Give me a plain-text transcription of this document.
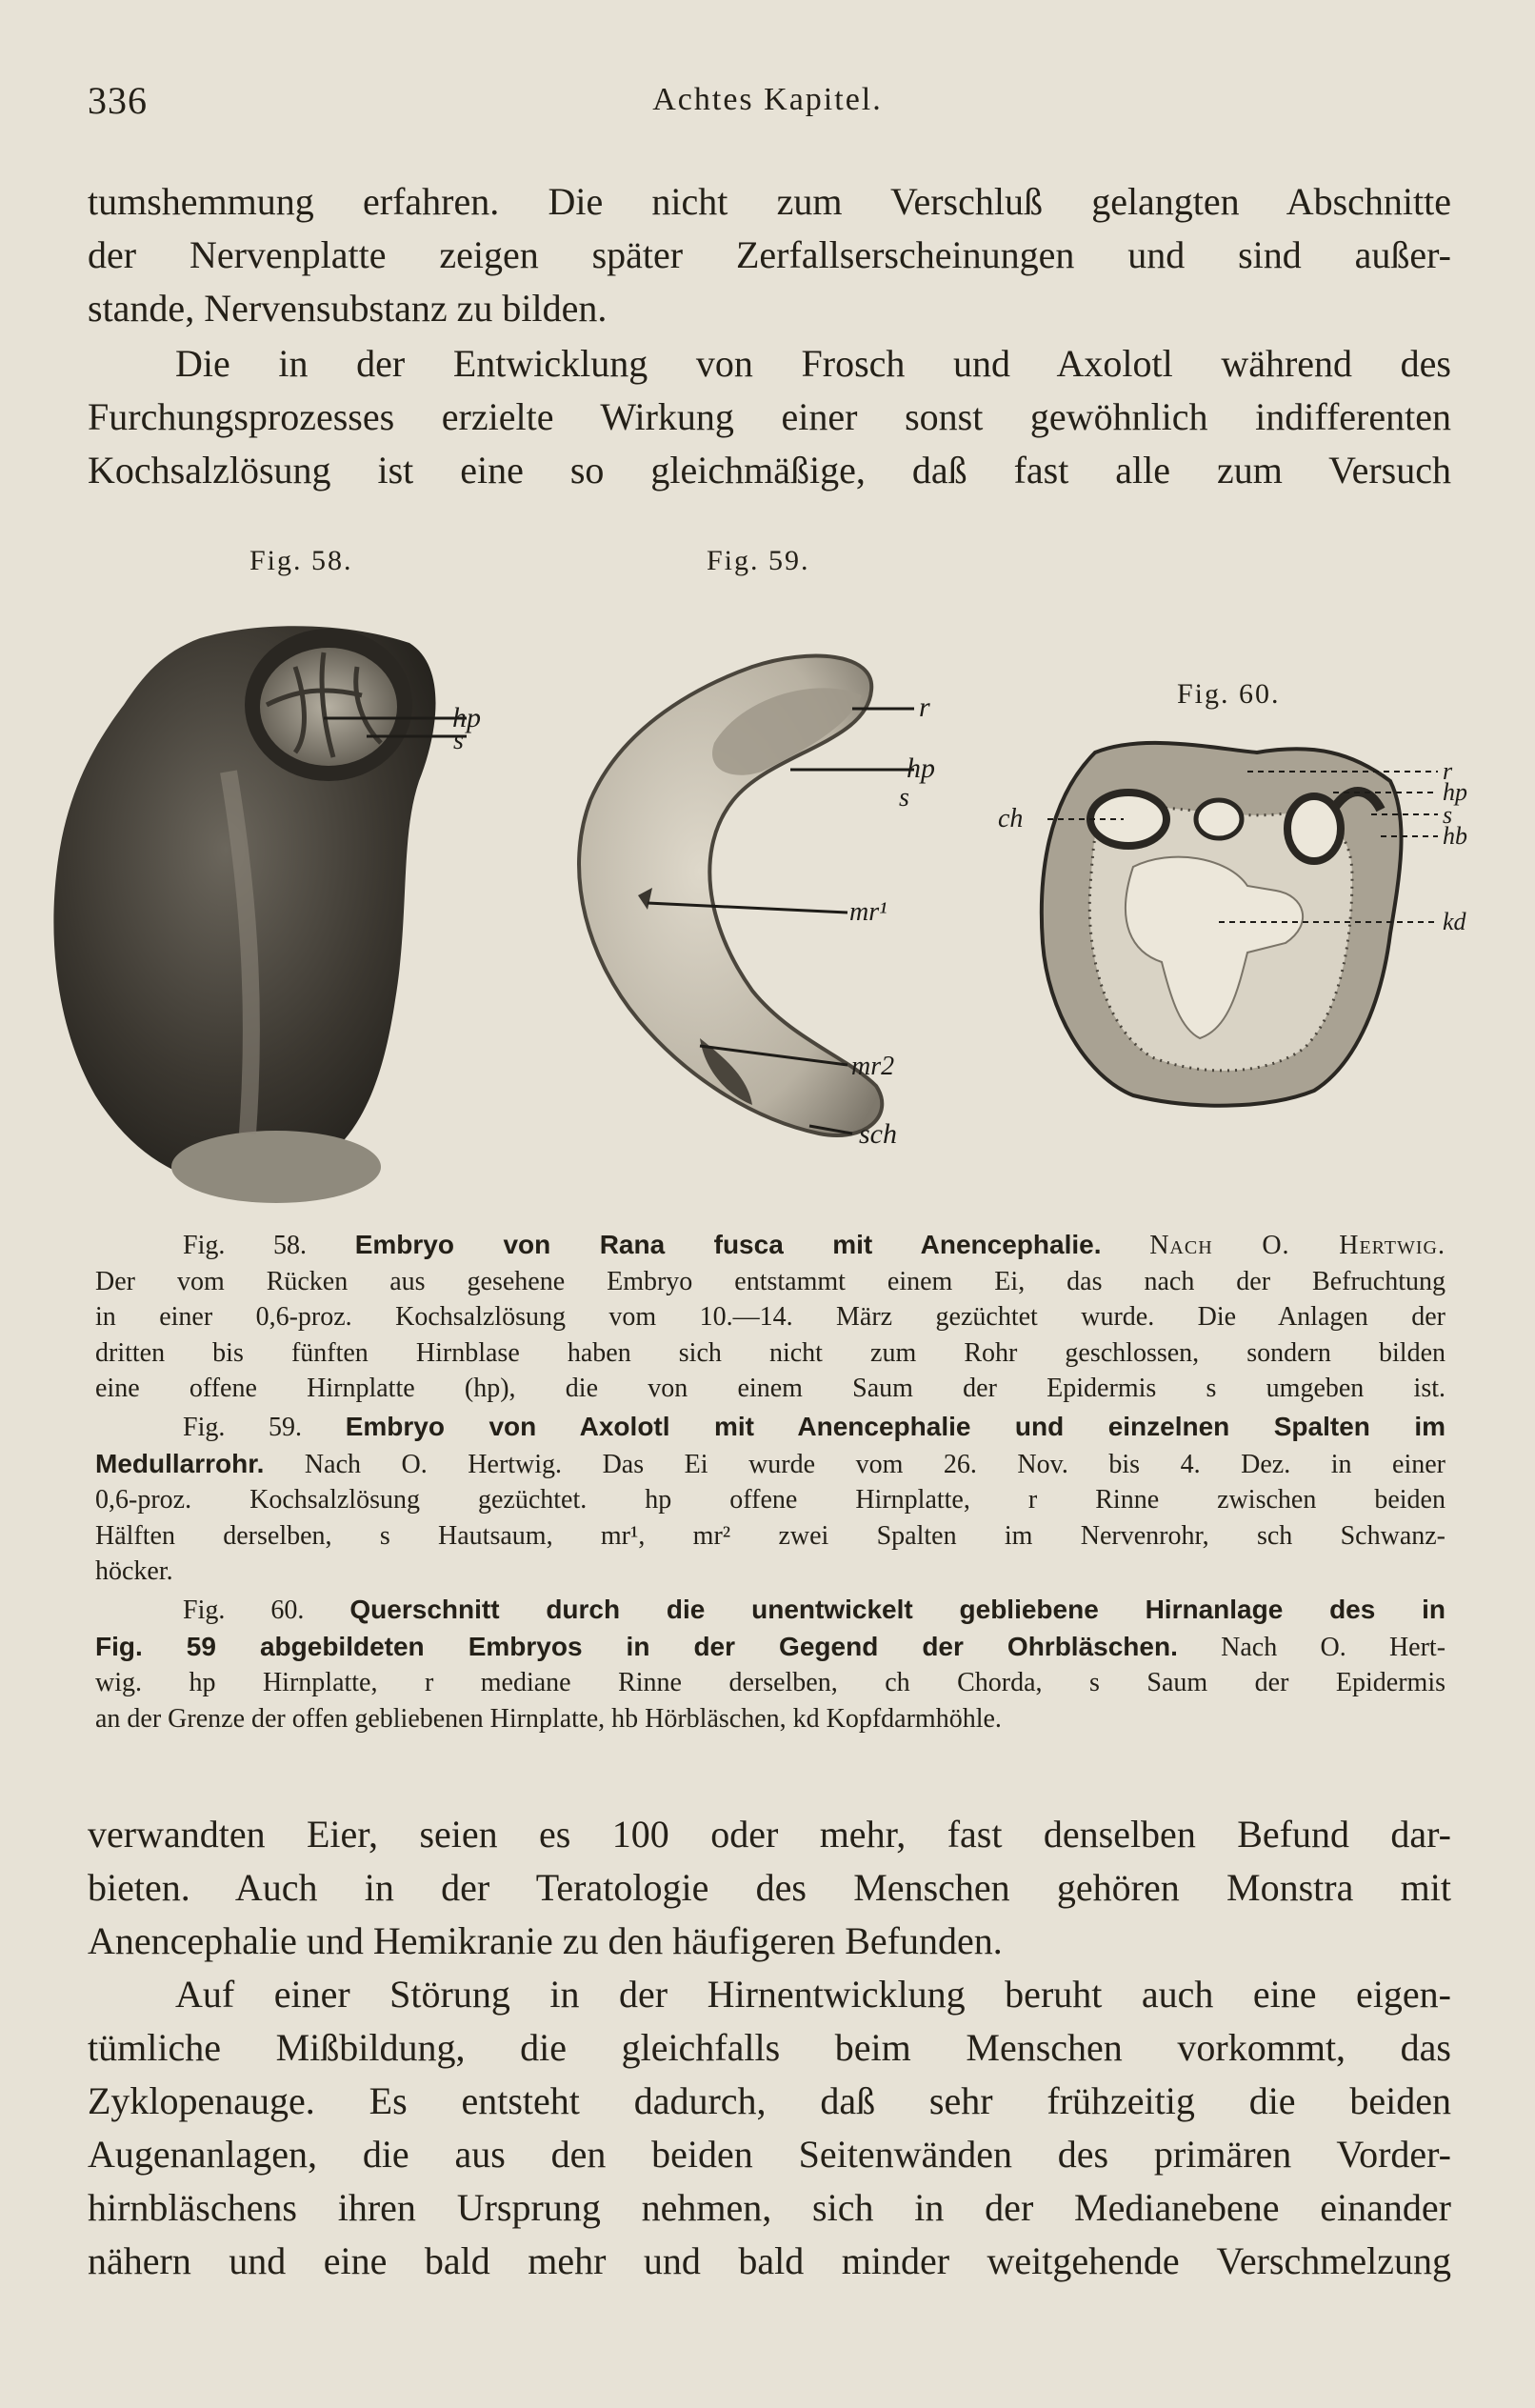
336	Achtes Kapitel.
tumshemmung erfahren. Die nicht zum Verschluß gelangten Abschnitte
der Nervenplatte zeigen später Zerfallserscheinungen und sind außer-
stande, Nervensubstanz zu bilden.
Die in der Entwicklung von Frosch und Axolotl während des
Furchungsprozesses erzielte Wirkung einer sonst gewöhnlich indifferenten
Kochsalzlösung ist eine so gleichmäßige, daß fast alle zum Versuch
Fig. 58.	Fig. 59.
Fig. 60.
hp
s
r
hp
s
mr¹
mr2
sch
ch
r
hp
s
hb
kd
Fig. 58. Embryo von Rana fusca mit Anencephalie. Nach O. Hertwig.
Der vom Rücken aus gesehene Embryo entstammt einem Ei, das nach der Befruchtung
in einer 0,6-proz. Kochsalzlösung vom 10.—14. März gezüchtet wurde. Die Anlagen der
dritten bis fünften Hirnblase haben sich nicht zum Rohr geschlossen, sondern bilden
eine offene Hirnplatte (hp), die von einem Saum der Epidermis s umgeben ist.
Fig. 59. Embryo von Axolotl mit Anencephalie und einzelnen Spalten im
Medullarrohr. Nach O. Hertwig. Das Ei wurde vom 26. Nov. bis 4. Dez. in einer
0,6-proz. Kochsalzlösung gezüchtet. hp offene Hirnplatte, r Rinne zwischen beiden
Hälften derselben, s Hautsaum, mr¹, mr² zwei Spalten im Nervenrohr, sch Schwanz-
höcker.
Fig. 60. Querschnitt durch die unentwickelt gebliebene Hirnanlage des in
Fig. 59 abgebildeten Embryos in der Gegend der Ohrbläschen. Nach O. Hert-
wig. hp Hirnplatte, r mediane Rinne derselben, ch Chorda, s Saum der Epidermis
an der Grenze der offen gebliebenen Hirnplatte, hb Hörbläschen, kd Kopfdarmhöhle.
verwandten Eier, seien es 100 oder mehr, fast denselben Befund dar-
bieten. Auch in der Teratologie des Menschen gehören Monstra mit
Anencephalie und Hemikranie zu den häufigeren Befunden.
Auf einer Störung in der Hirnentwicklung beruht auch eine eigen-
tümliche Mißbildung, die gleichfalls beim Menschen vorkommt, das
Zyklopenauge. Es entsteht dadurch, daß sehr frühzeitig die beiden
Augenanlagen, die aus den beiden Seitenwänden des primären Vorder-
hirnbläschens ihren Ursprung nehmen, sich in der Medianebene einander
nähern und eine bald mehr und bald minder weitgehende Verschmelzung
